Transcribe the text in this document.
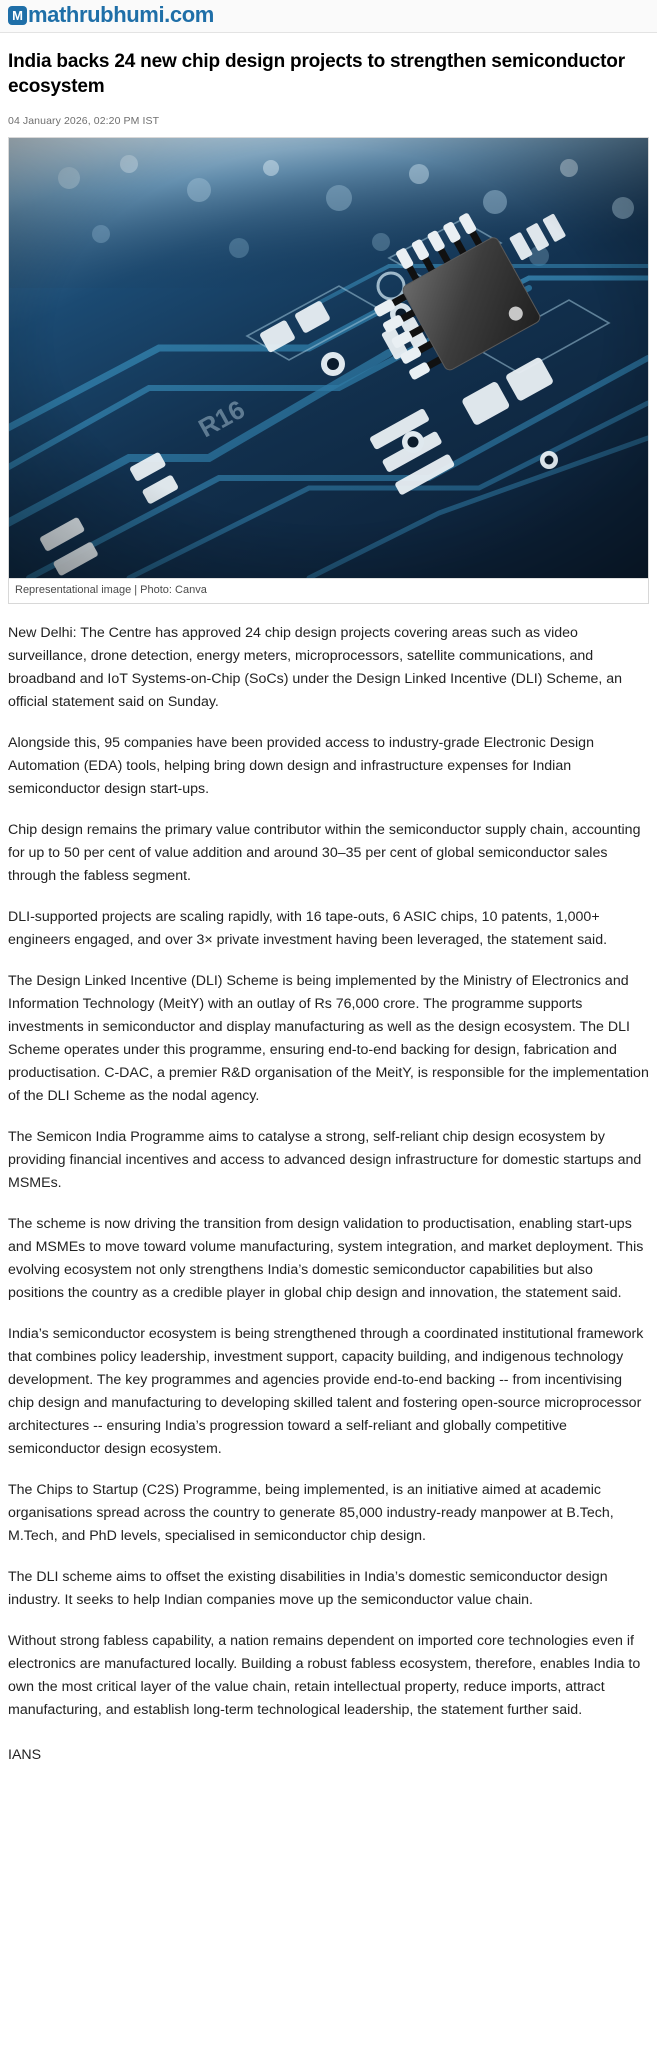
M mathrubhumi.com
India backs 24 new chip design projects to strengthen semiconductor ecosystem
04 January 2026, 02:20 PM IST
Representational image | Photo: Canva

New Delhi: The Centre has approved 24 chip design projects covering areas such as video surveillance, drone detection, energy meters, microprocessors, satellite communications, and broadband and IoT Systems-on-Chip (SoCs) under the Design Linked Incentive (DLI) Scheme, an official statement said on Sunday.

Alongside this, 95 companies have been provided access to industry-grade Electronic Design Automation (EDA) tools, helping bring down design and infrastructure expenses for Indian semiconductor design start-ups.

Chip design remains the primary value contributor within the semiconductor supply chain, accounting for up to 50 per cent of value addition and around 30–35 per cent of global semiconductor sales through the fabless segment.

DLI-supported projects are scaling rapidly, with 16 tape-outs, 6 ASIC chips, 10 patents, 1,000+ engineers engaged, and over 3× private investment having been leveraged, the statement said.

The Design Linked Incentive (DLI) Scheme is being implemented by the Ministry of Electronics and Information Technology (MeitY) with an outlay of Rs 76,000 crore. The programme supports investments in semiconductor and display manufacturing as well as the design ecosystem. The DLI Scheme operates under this programme, ensuring end-to-end backing for design, fabrication and productisation. C-DAC, a premier R&D organisation of the MeitY, is responsible for the implementation of the DLI Scheme as the nodal agency.

The Semicon India Programme aims to catalyse a strong, self-reliant chip design ecosystem by providing financial incentives and access to advanced design infrastructure for domestic startups and MSMEs.

The scheme is now driving the transition from design validation to productisation, enabling start-ups and MSMEs to move toward volume manufacturing, system integration, and market deployment. This evolving ecosystem not only strengthens India’s domestic semiconductor capabilities but also positions the country as a credible player in global chip design and innovation, the statement said.

India’s semiconductor ecosystem is being strengthened through a coordinated institutional framework that combines policy leadership, investment support, capacity building, and indigenous technology development. The key programmes and agencies provide end-to-end backing -- from incentivising chip design and manufacturing to developing skilled talent and fostering open-source microprocessor architectures -- ensuring India’s progression toward a self-reliant and globally competitive semiconductor design ecosystem.

The Chips to Startup (C2S) Programme, being implemented, is an initiative aimed at academic organisations spread across the country to generate 85,000 industry-ready manpower at B.Tech, M.Tech, and PhD levels, specialised in semiconductor chip design.

The DLI scheme aims to offset the existing disabilities in India’s domestic semiconductor design industry. It seeks to help Indian companies move up the semiconductor value chain.

Without strong fabless capability, a nation remains dependent on imported core technologies even if electronics are manufactured locally. Building a robust fabless ecosystem, therefore, enables India to own the most critical layer of the value chain, retain intellectual property, reduce imports, attract manufacturing, and establish long-term technological leadership, the statement further said.

IANS
